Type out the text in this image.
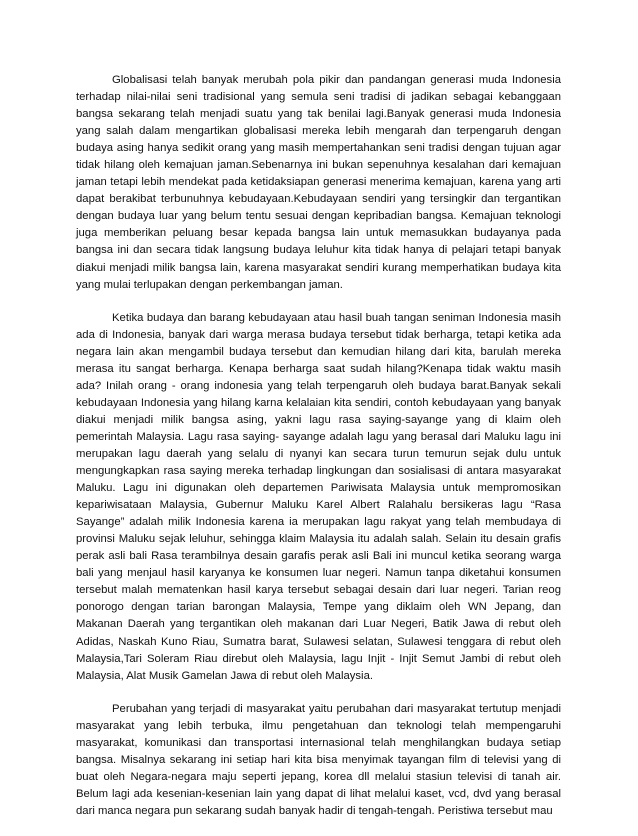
Globalisasi telah banyak merubah pola pikir dan pandangan generasi muda Indonesia terhadap nilai-nilai seni tradisional yang semula seni tradisi di jadikan sebagai kebanggaan bangsa sekarang telah menjadi suatu yang tak benilai lagi.Banyak generasi muda Indonesia yang salah dalam mengartikan globalisasi mereka lebih mengarah dan terpengaruh dengan budaya asing hanya sedikit orang yang masih mempertahankan seni tradisi dengan tujuan agar tidak hilang oleh kemajuan jaman.Sebenarnya ini bukan sepenuhnya kesalahan dari kemajuan jaman tetapi lebih mendekat pada ketidaksiapan generasi menerima kemajuan, karena yang arti dapat berakibat terbunuhnya kebudayaan.Kebudayaan sendiri yang tersingkir dan tergantikan dengan budaya luar yang belum tentu sesuai dengan kepribadian bangsa. Kemajuan teknologi juga memberikan peluang besar kepada bangsa lain untuk memasukkan budayanya pada bangsa ini dan secara tidak langsung budaya leluhur kita tidak hanya di pelajari tetapi banyak diakui menjadi milik bangsa lain, karena masyarakat sendiri kurang memperhatikan budaya kita yang mulai terlupakan dengan perkembangan jaman.

Ketika budaya dan barang kebudayaan atau hasil buah tangan seniman Indonesia masih ada di Indonesia, banyak dari warga merasa budaya tersebut tidak berharga, tetapi ketika ada negara lain akan mengambil budaya tersebut dan kemudian hilang dari kita, barulah mereka merasa itu sangat berharga. Kenapa berharga saat sudah hilang?Kenapa tidak waktu masih ada? Inilah orang - orang indonesia yang telah terpengaruh oleh budaya barat.Banyak sekali kebudayaan Indonesia yang hilang karna kelalaian kita sendiri, contoh kebudayaan yang banyak diakui menjadi milik bangsa asing, yakni lagu rasa saying-sayange yang di klaim oleh pemerintah Malaysia. Lagu rasa saying- sayange adalah lagu yang berasal dari Maluku lagu ini merupakan lagu daerah yang selalu di nyanyi kan secara turun temurun sejak dulu untuk mengungkapkan rasa saying mereka terhadap lingkungan dan sosialisasi di antara masyarakat Maluku. Lagu ini digunakan oleh departemen Pariwisata Malaysia untuk mempromosikan kepariwisataan Malaysia, Gubernur Maluku Karel Albert Ralahalu bersikeras lagu “Rasa Sayange” adalah milik Indonesia karena ia merupakan lagu rakyat yang telah membudaya di provinsi Maluku sejak leluhur, sehingga klaim Malaysia itu adalah salah. Selain itu desain grafis perak asli bali Rasa terambilnya desain garafis perak asli Bali ini muncul ketika seorang warga bali yang menjaul hasil karyanya ke konsumen luar negeri. Namun tanpa diketahui konsumen tersebut malah mematenkan hasil karya tersebut sebagai desain dari luar negeri. Tarian reog ponorogo dengan tarian barongan Malaysia, Tempe yang diklaim oleh WN Jepang, dan Makanan Daerah yang tergantikan oleh makanan dari Luar Negeri, Batik Jawa di rebut oleh Adidas, Naskah Kuno Riau, Sumatra barat, Sulawesi selatan, Sulawesi tenggara di rebut oleh Malaysia,Tari Soleram Riau direbut oleh Malaysia, lagu Injit - Injit Semut Jambi di rebut oleh Malaysia, Alat Musik Gamelan Jawa di rebut oleh Malaysia.

Perubahan yang terjadi di masyarakat yaitu perubahan dari masyarakat tertutup menjadi masyarakat yang lebih terbuka, ilmu pengetahuan dan teknologi telah mempengaruhi masyarakat, komunikasi dan transportasi internasional telah menghilangkan budaya setiap bangsa. Misalnya sekarang ini setiap hari kita bisa menyimak tayangan film di televisi yang di buat oleh Negara-negara maju seperti jepang, korea dll melalui stasiun televisi di tanah air. Belum lagi ada kesenian-kesenian lain yang dapat di lihat melalui kaset, vcd, dvd yang berasal dari manca negara pun sekarang sudah banyak hadir di tengah-tengah. Peristiwa tersebut mau
